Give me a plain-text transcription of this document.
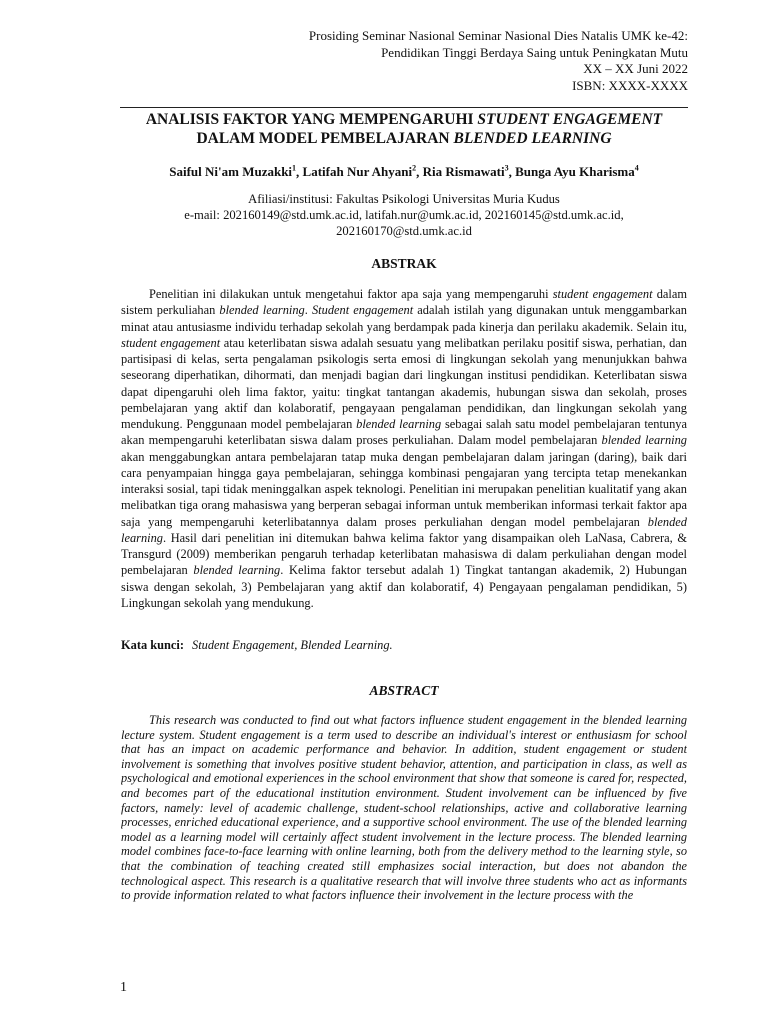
Prosiding Seminar Nasional Seminar Nasional Dies Natalis UMK ke-42:
Pendidikan Tinggi Berdaya Saing untuk Peningkatan Mutu
XX – XX Juni 2022
ISBN: XXXX-XXXX
ANALISIS FAKTOR YANG MEMPENGARUHI STUDENT ENGAGEMENT
DALAM MODEL PEMBELAJARAN BLENDED LEARNING
Saiful Ni'am Muzakki$^1$, Latifah Nur Ahyani$^2$, Ria Rismawati$^3$, Bunga Ayu Kharisma$^4$
Afiliasi/institusi: Fakultas Psikologi Universitas Muria Kudus
e-mail: 202160149@std.umk.ac.id, latifah.nur@umk.ac.id, 202160145@std.umk.ac.id,
202160170@std.umk.ac.id
ABSTRAK
Penelitian ini dilakukan untuk mengetahui faktor apa saja yang mempengaruhi student engagement dalam sistem perkuliahan blended learning. Student engagement adalah istilah yang digunakan untuk menggambarkan minat atau antusiasme individu terhadap sekolah yang berdampak pada kinerja dan perilaku akademik. Selain itu, student engagement atau keterlibatan siswa adalah sesuatu yang melibatkan perilaku positif siswa, perhatian, dan partisipasi di kelas, serta pengalaman psikologis serta emosi di lingkungan sekolah yang menunjukkan bahwa seseorang diperhatikan, dihormati, dan menjadi bagian dari lingkungan institusi pendidikan. Keterlibatan siswa dapat dipengaruhi oleh lima faktor, yaitu: tingkat tantangan akademis, hubungan siswa dan sekolah, proses pembelajaran yang aktif dan kolaboratif, pengayaan pengalaman pendidikan, dan lingkungan sekolah yang mendukung. Penggunaan model pembelajaran blended learning sebagai salah satu model pembelajaran tentunya akan mempengaruhi keterlibatan siswa dalam proses perkuliahan. Dalam model pembelajaran blended learning akan menggabungkan antara pembelajaran tatap muka dengan pembelajaran dalam jaringan (daring), baik dari cara penyampaian hingga gaya pembelajaran, sehingga kombinasi pengajaran yang tercipta tetap menekankan interaksi sosial, tapi tidak meninggalkan aspek teknologi. Penelitian ini merupakan penelitian kualitatif yang akan melibatkan tiga orang mahasiswa yang berperan sebagai informan untuk memberikan informasi terkait faktor apa saja yang mempengaruhi keterlibatannya dalam proses perkuliahan dengan model pembelajaran blended learning. Hasil dari penelitian ini ditemukan bahwa kelima faktor yang disampaikan oleh LaNasa, Cabrera, & Transgurd (2009) memberikan pengaruh terhadap keterlibatan mahasiswa di dalam perkuliahan dengan model pembelajaran blended learning. Kelima faktor tersebut adalah 1) Tingkat tantangan akademik, 2) Hubungan siswa dengan sekolah, 3) Pembelajaran yang aktif dan kolaboratif, 4) Pengayaan pengalaman pendidikan, 5) Lingkungan sekolah yang mendukung.
Kata kunci: Student Engagement, Blended Learning.
ABSTRACT
This research was conducted to find out what factors influence student engagement in the blended learning lecture system. Student engagement is a term used to describe an individual's interest or enthusiasm for school that has an impact on academic performance and behavior. In addition, student engagement or student involvement is something that involves positive student behavior, attention, and participation in class, as well as psychological and emotional experiences in the school environment that show that someone is cared for, respected, and becomes part of the educational institution environment. Student involvement can be influenced by five factors, namely: level of academic challenge, student-school relationships, active and collaborative learning processes, enriched educational experience, and a supportive school environment. The use of the blended learning model as a learning model will certainly affect student involvement in the lecture process. The blended learning model combines face-to-face learning with online learning, both from the delivery method to the learning style, so that the combination of teaching created still emphasizes social interaction, but does not abandon the technological aspect. This research is a qualitative research that will involve three students who act as informants to provide information related to what factors influence their involvement in the lecture process with the
1
